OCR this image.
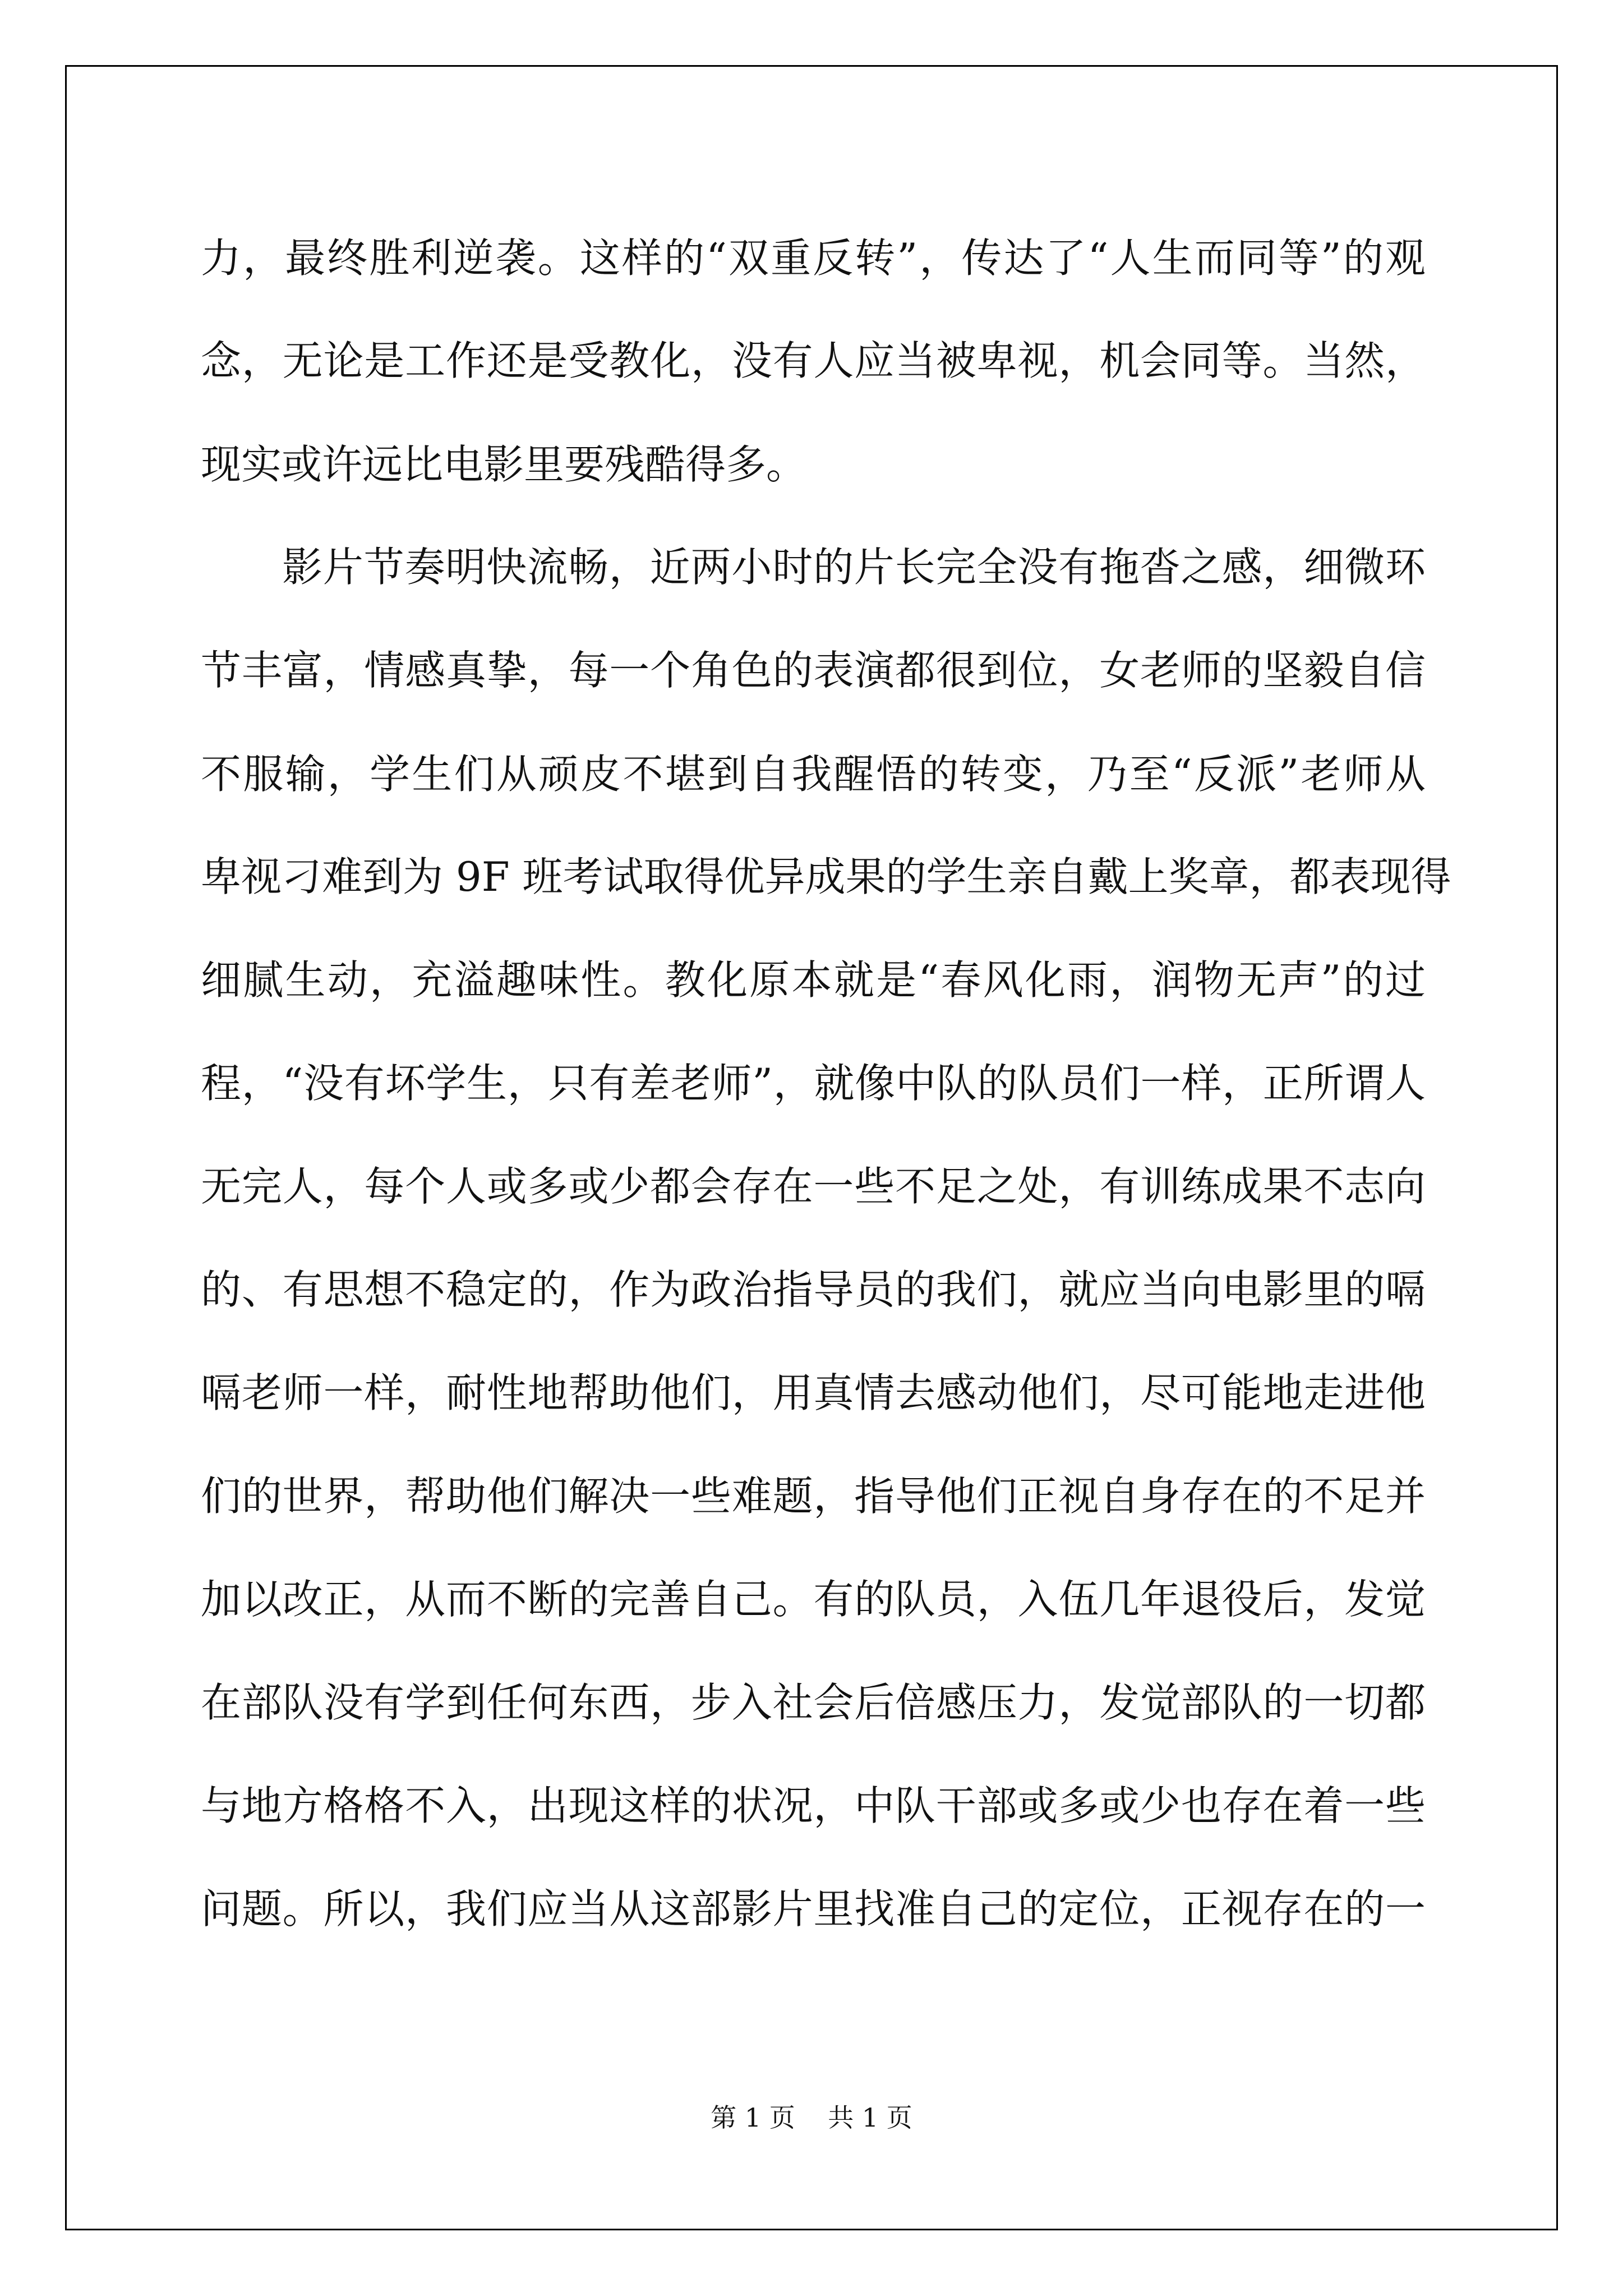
力，最终胜利逆袭。这样的“双重反转”，传达了“人生而同等”的观

念，无论是工作还是受教化，没有人应当被卑视，机会同等。当然，

现实或许远比电影里要残酷得多。

影片节奏明快流畅，近两小时的片长完全没有拖沓之感，细微环

节丰富，情感真挚，每一个角色的表演都很到位，女老师的坚毅自信

不服输，学生们从顽皮不堪到自我醒悟的转变，乃至“反派”老师从

卑视刁难到为 9F 班考试取得优异成果的学生亲自戴上奖章，都表现得

细腻生动，充溢趣味性。教化原本就是“春风化雨，润物无声”的过

程，“没有坏学生，只有差老师”，就像中队的队员们一样，正所谓人

无完人，每个人或多或少都会存在一些不足之处，有训练成果不志向

的、有思想不稳定的，作为政治指导员的我们，就应当向电影里的嗝

嗝老师一样，耐性地帮助他们，用真情去感动他们，尽可能地走进他

们的世界，帮助他们解决一些难题，指导他们正视自身存在的不足并

加以改正，从而不断的完善自己。有的队员，入伍几年退役后，发觉

在部队没有学到任何东西，步入社会后倍感压力，发觉部队的一切都

与地方格格不入，出现这样的状况，中队干部或多或少也存在着一些

问题。所以，我们应当从这部影片里找准自己的定位，正视存在的一

第 1 页    共 1 页
